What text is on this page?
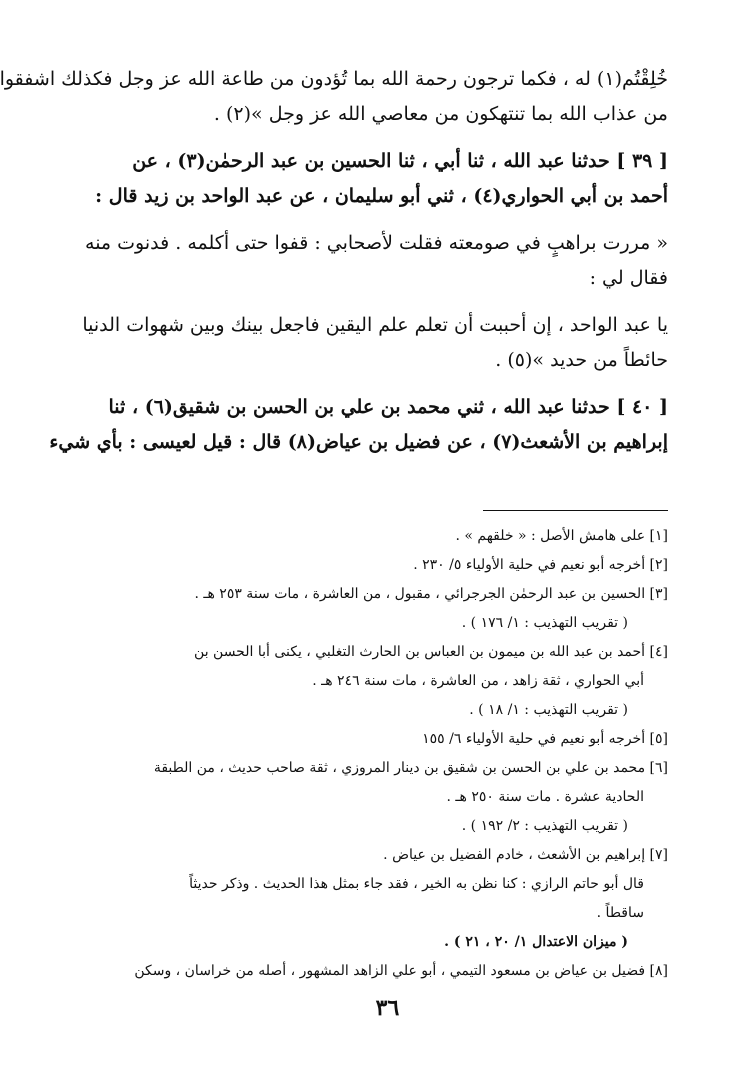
خُلِقْتُم(١) له ، فكما ترجون رحمة الله بما تُؤدون من طاعة الله عز وجل فكذلك اشفقوا
من عذاب الله بما تنتهكون من معاصي الله عز وجل »(٢) .

[ ٣٩ ] حدثنا عبد الله ، ثنا أبي ، ثنا الحسين بن عبد الرحمٰن(٣) ، عن
أحمد بن أبي الحواري(٤) ، ثني أبو سليمان ، عن عبد الواحد بن زيد قال :

« مررت براهبٍ في صومعته فقلت لأصحابي : قفوا حتى أكلمه . فدنوت منه
فقال لي :

يا عبد الواحد ، إن أحببت أن تعلم علم اليقين فاجعل بينك وبين شهوات الدنيا
حائطاً من حديد »(٥) .

[ ٤٠ ] حدثنا عبد الله ، ثني محمد بن علي بن الحسن بن شقيق(٦) ، ثنا
إبراهيم بن الأشعث(٧) ، عن فضيل بن عياض(٨) قال : قيل لعيسى : بأي شيء

[١] على هامش الأصل : « خلقهم » .
[٢] أخرجه أبو نعيم في حلية الأولياء ٥/ ٢٣٠ .
[٣] الحسين بن عبد الرحمٰن الجرجرائي ، مقبول ، من العاشرة ، مات سنة ٢٥٣ هـ .
( تقريب التهذيب : ١/ ١٧٦ ) .
[٤] أحمد بن عبد الله بن ميمون بن العباس بن الحارث التغلبي ، يكنى أبا الحسن بن
أبي الحواري ، ثقة زاهد ، من العاشرة ، مات سنة ٢٤٦ هـ .
( تقريب التهذيب : ١/ ١٨ ) .
[٥] أخرجه أبو نعيم في حلية الأولياء ٦/ ١٥٥
[٦] محمد بن علي بن الحسن بن شقيق بن دينار المروزي ، ثقة صاحب حديث ، من الطبقة
الحادية عشرة . مات سنة ٢٥٠ هـ .
( تقريب التهذيب : ٢/ ١٩٢ ) .
[٧] إبراهيم بن الأشعث ، خادم الفضيل بن عياض .
قال أبو حاتم الرازي : كنا نظن به الخير ، فقد جاء بمثل هذا الحديث . وذكر حديثاً
ساقطاً .
( ميزان الاعتدال ١/ ٢٠ ، ٢١ ) .
[٨] فضيل بن عياض بن مسعود التيمي ، أبو علي الزاهد المشهور ، أصله من خراسان ، وسكن
٣٦
